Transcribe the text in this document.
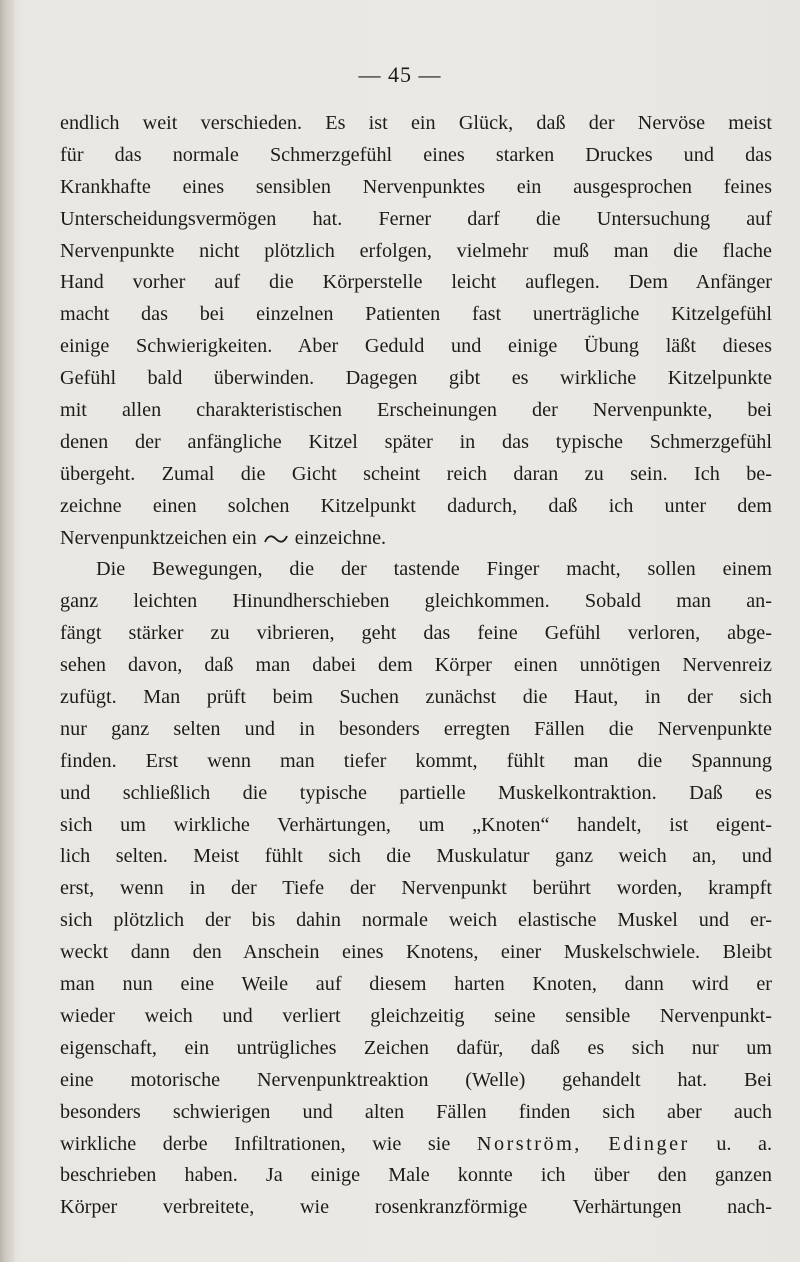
— 45 —
endlich weit verschieden. Es ist ein Glück, daß der Nervöse meist
für das normale Schmerzgefühl eines starken Druckes und das
Krankhafte eines sensiblen Nervenpunktes ein ausgesprochen feines
Unterscheidungsvermögen hat. Ferner darf die Untersuchung auf
Nervenpunkte nicht plötzlich erfolgen, vielmehr muß man die flache
Hand vorher auf die Körperstelle leicht auflegen. Dem Anfänger
macht das bei einzelnen Patienten fast unerträgliche Kitzelgefühl
einige Schwierigkeiten. Aber Geduld und einige Übung läßt dieses
Gefühl bald überwinden. Dagegen gibt es wirkliche Kitzelpunkte
mit allen charakteristischen Erscheinungen der Nervenpunkte, bei
denen der anfängliche Kitzel später in das typische Schmerzgefühl
übergeht. Zumal die Gicht scheint reich daran zu sein. Ich be-
zeichne einen solchen Kitzelpunkt dadurch, daß ich unter dem
Nervenpunktzeichen ein einzeichne.
Die Bewegungen, die der tastende Finger macht, sollen einem
ganz leichten Hinundherschieben gleichkommen. Sobald man an-
fängt stärker zu vibrieren, geht das feine Gefühl verloren, abge-
sehen davon, daß man dabei dem Körper einen unnötigen Nervenreiz
zufügt. Man prüft beim Suchen zunächst die Haut, in der sich
nur ganz selten und in besonders erregten Fällen die Nervenpunkte
finden. Erst wenn man tiefer kommt, fühlt man die Spannung
und schließlich die typische partielle Muskelkontraktion. Daß es
sich um wirkliche Verhärtungen, um „Knoten“ handelt, ist eigent-
lich selten. Meist fühlt sich die Muskulatur ganz weich an, und
erst, wenn in der Tiefe der Nervenpunkt berührt worden, krampft
sich plötzlich der bis dahin normale weich elastische Muskel und er-
weckt dann den Anschein eines Knotens, einer Muskelschwiele. Bleibt
man nun eine Weile auf diesem harten Knoten, dann wird er
wieder weich und verliert gleichzeitig seine sensible Nervenpunkt-
eigenschaft, ein untrügliches Zeichen dafür, daß es sich nur um
eine motorische Nervenpunktreaktion (Welle) gehandelt hat. Bei
besonders schwierigen und alten Fällen finden sich aber auch
wirkliche derbe Infiltrationen, wie sie Norström, Edinger u. a.
beschrieben haben. Ja einige Male konnte ich über den ganzen
Körper verbreitete, wie rosenkranzförmige Verhärtungen nach-
